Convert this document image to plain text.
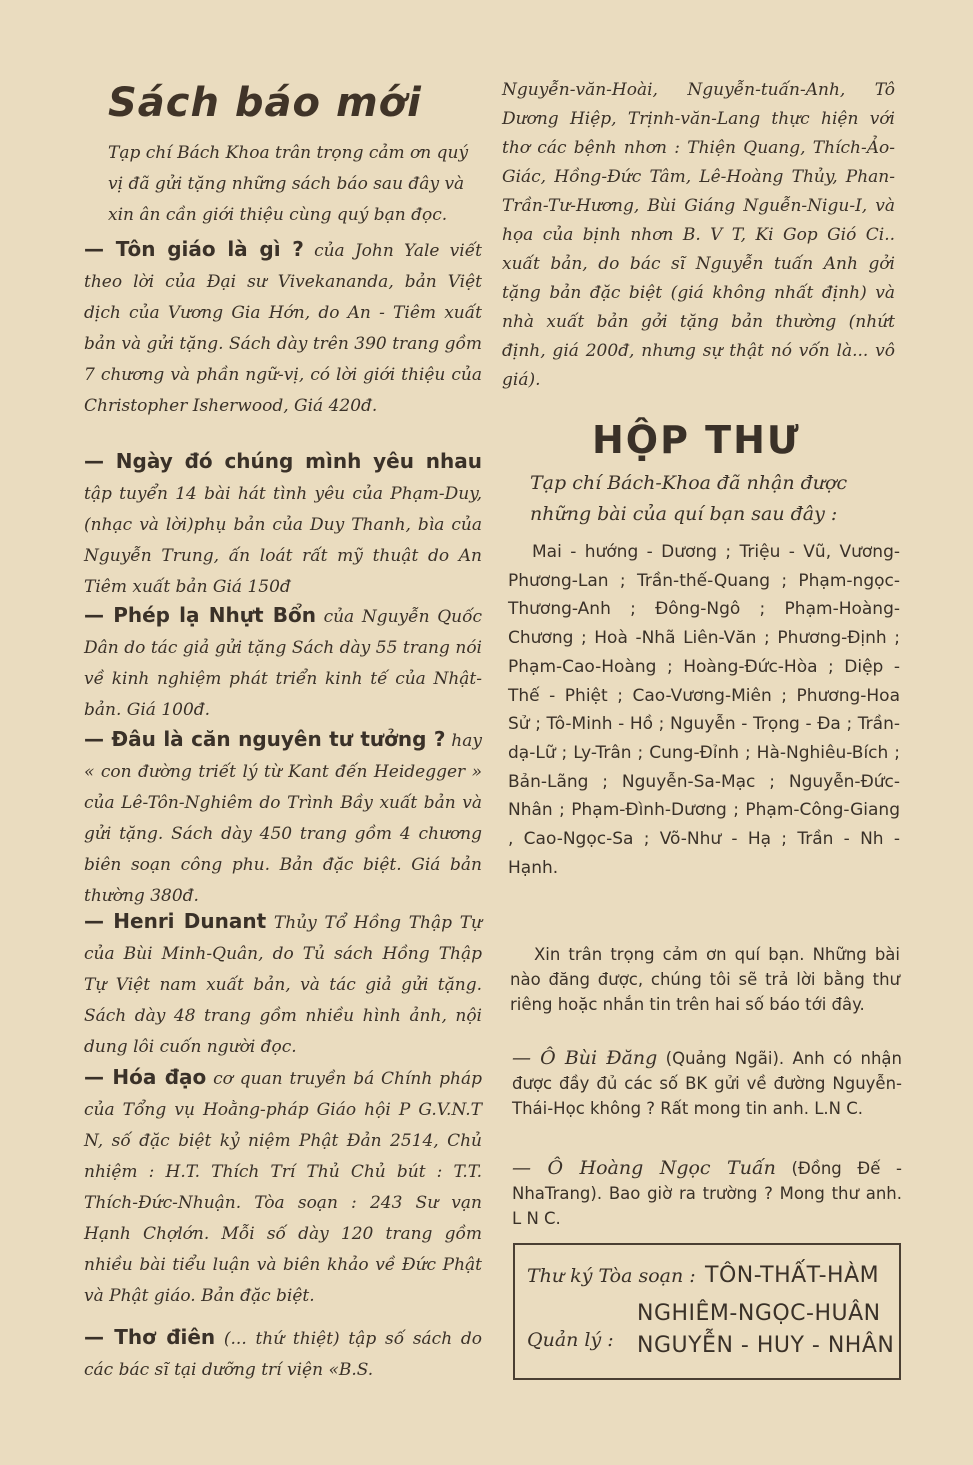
Sách báo mới

Tạp chí Bách Khoa trân trọng cảm ơn quý vị đã gửi tặng những sách báo sau đây và xin ân cần giới thiệu cùng quý bạn đọc.

— Tôn giáo là gì ? của John Yale viết theo lời của Đại sư Vivekananda, bản Việt dịch của Vương Gia Hớn, do An - Tiêm xuất bản và gửi tặng. Sách dày trên 390 trang gồm 7 chương và phần ngữ-vị, có lời giới thiệu của Christopher Isherwood, Giá 420đ.

— Ngày đó chúng mình yêu nhau tập tuyển 14 bài hát tình yêu của Phạm-Duy, (nhạc và lời)phụ bản của Duy Thanh, bìa của Nguyễn Trung, ấn loát rất mỹ thuật do An Tiêm xuất bản Giá 150đ

— Phép lạ Nhựt Bổn của Nguyễn Quốc Dân do tác giả gửi tặng Sách dày 55 trang nói về kinh nghiệm phát triển kinh tế của Nhật-bản. Giá 100đ.

— Đâu là căn nguyên tư tưởng ? hay « con đường triết lý từ Kant đến Heidegger » của Lê-Tôn-Nghiêm do Trình Bầy xuất bản và gửi tặng. Sách dày 450 trang gồm 4 chương biên soạn công phu. Bản đặc biệt. Giá bản thường 380đ.

— Henri Dunant Thủy Tổ Hồng Thập Tự của Bùi Minh-Quân, do Tủ sách Hồng Thập Tự Việt nam xuất bản, và tác giả gửi tặng. Sách dày 48 trang gồm nhiều hình ảnh, nội dung lôi cuốn người đọc.

— Hóa đạo cơ quan truyền bá Chính pháp của Tổng vụ Hoằng-pháp Giáo hội P G.V.N.T N, số đặc biệt kỷ niệm Phật Đản 2514, Chủ nhiệm : H.T. Thích Trí Thủ Chủ bút : T.T. Thích-Đức-Nhuận. Tòa soạn : 243 Sư vạn Hạnh Chợlớn. Mỗi số dày 120 trang gồm nhiều bài tiểu luận và biên khảo về Đức Phật và Phật giáo. Bản đặc biệt.

— Thơ điên (... thứ thiệt) tập số sách do các bác sĩ tại dưỡng trí viện «B.S.

Nguyễn-văn-Hoài, Nguyễn-tuấn-Anh, Tô Dương Hiệp, Trịnh-văn-Lang thực hiện với thơ các bệnh nhơn : Thiện Quang, Thích-Ảo-Giác, Hồng-Đức Tâm, Lê-Hoàng Thủy, Phan-Trần-Tư-Hương, Bùi Giáng Nguễn-Nigu-I, và họa của bịnh nhơn B. V T, Ki Gop Gió Ci.. xuất bản, do bác sĩ Nguyễn tuấn Anh gởi tặng bản đặc biệt (giá không nhất định) và nhà xuất bản gởi tặng bản thường (nhứt định, giá 200đ, nhưng sự thật nó vốn là... vô giá).

HỘP THƯ

Tạp chí Bách-Khoa đã nhận được những bài của quí bạn sau đây :

Mai - hướng - Dương ; Triệu - Vũ, Vương-Phương-Lan ; Trần-thế-Quang ; Phạm-ngọc-Thương-Anh ; Đông-Ngô ; Phạm-Hoàng-Chương ; Hoà -Nhã Liên-Văn ; Phương-Định ; Phạm-Cao-Hoàng ; Hoàng-Đức-Hòa ; Diệp - Thế - Phiệt ; Cao-Vương-Miên ; Phương-Hoa Sử ; Tô-Minh - Hồ ; Nguyễn - Trọng - Đa ; Trần-dạ-Lữ ; Ly-Trân ; Cung-Đỉnh ; Hà-Nghiêu-Bích ; Bản-Lãng ; Nguyễn-Sa-Mạc ; Nguyễn-Đức-Nhân ; Phạm-Đình-Dương ; Phạm-Công-Giang , Cao-Ngọc-Sa ; Võ-Như - Hạ ; Trần - Nh - Hạnh.

Xin trân trọng cảm ơn quí bạn. Những bài nào đăng được, chúng tôi sẽ trả lời bằng thư riêng hoặc nhắn tin trên hai số báo tới đây.

— Ô Bùi Đăng (Quảng Ngãi). Anh có nhận được đầy đủ các số BK gửi về đường Nguyễn-Thái-Học không ? Rất mong tin anh. L.N C.

— Ô Hoàng Ngọc Tuấn (Đồng Đế - NhaTrang). Bao giờ ra trường ? Mong thư anh. L N C.

Thư ký Tòa soạn : TÔN-THẤT-HÀM
Quản lý :
NGHIÊM-NGỌC-HUÂN
NGUYỄN - HUY - NHÂN
